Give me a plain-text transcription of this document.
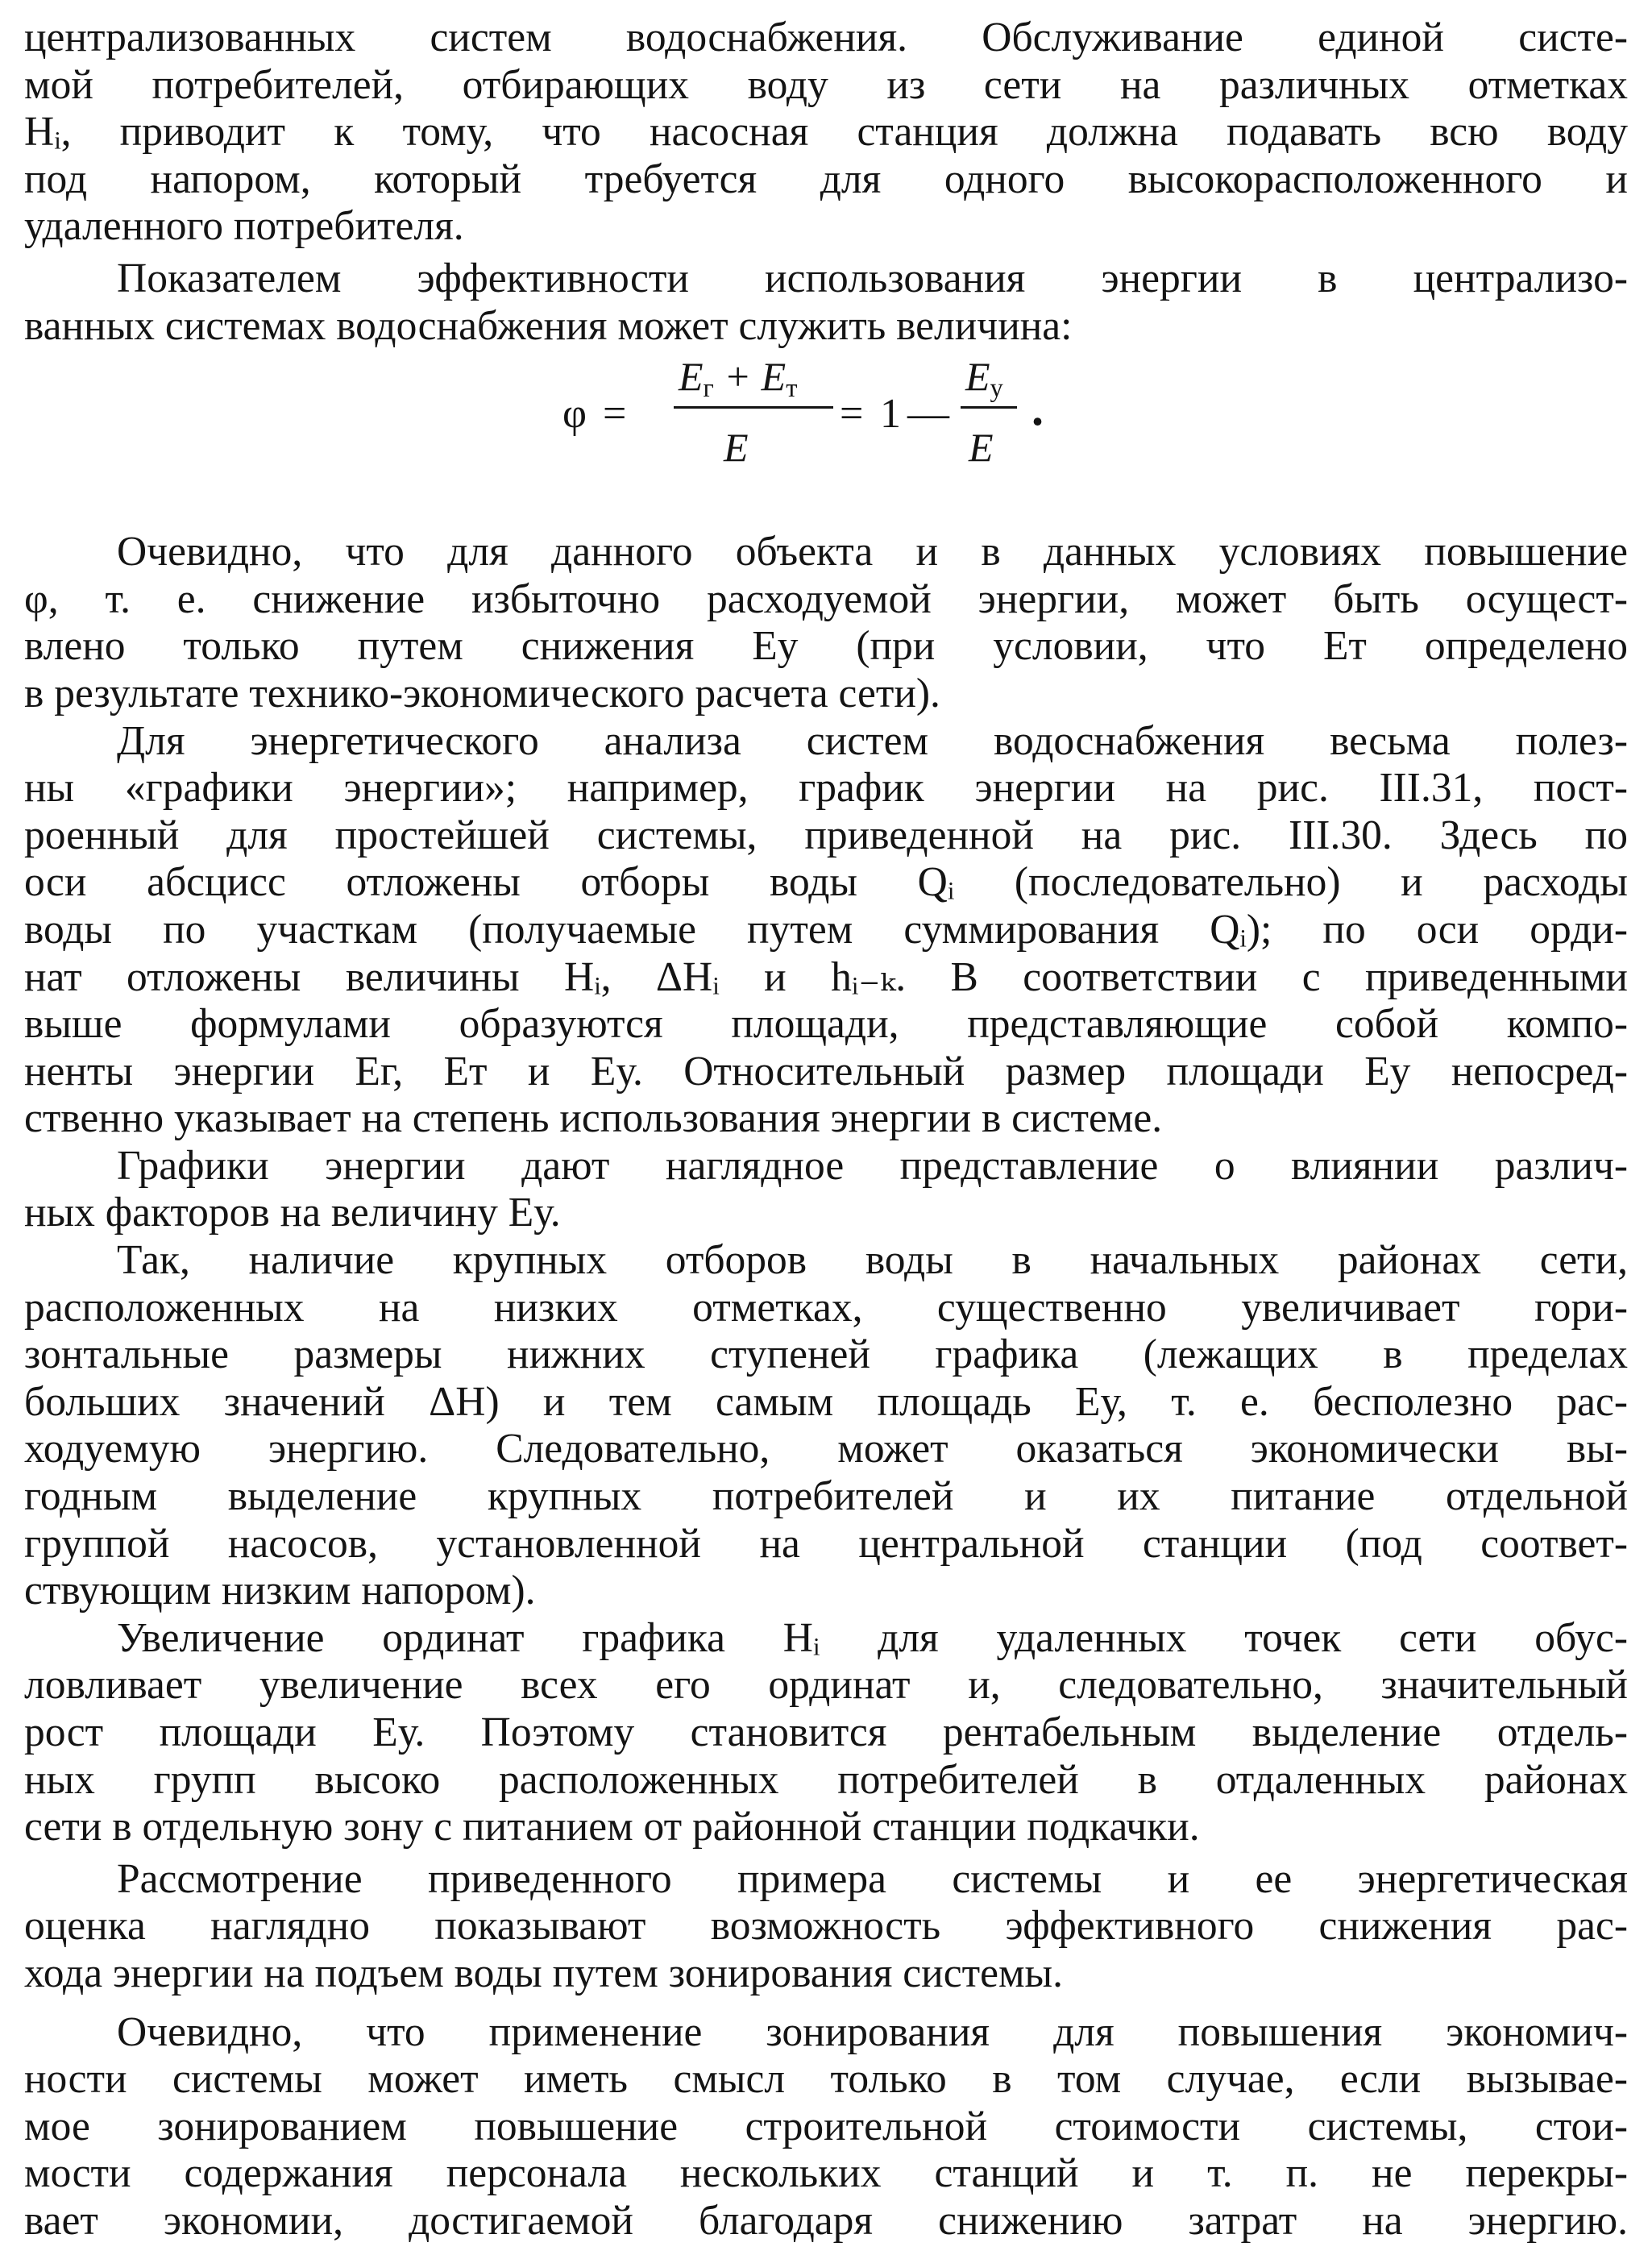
централизованных систем водоснабжения. Обслуживание единой систе-
мой потребителей, отбирающих воду из сети на различных отметках
Hᵢ, приводит к тому, что насосная станция должна подавать всю воду
под напором, который требуется для одного высокорасположенного и
удаленного потребителя.
Показателем эффективности использования энергии в централизо-
ванных системах водоснабжения может служить величина:
φ =
Eг + Eт
E
= 1 —
Eу
E
.
Очевидно, что для данного объекта и в данных условиях повышение
φ, т. е. снижение избыточно расходуемой энергии, может быть осущест-
влено только путем снижения Eу (при условии, что Eт определено
в результате технико-экономического расчета сети).
Для энергетического анализа систем водоснабжения весьма полез-
ны «графики энергии»; например, график энергии на рис. III.31, пост-
роенный для простейшей системы, приведенной на рис. III.30. Здесь по
оси абсцисс отложены отборы воды Qᵢ (последовательно) и расходы
воды по участкам (получаемые путем суммирования Qᵢ); по оси орди-
нат отложены величины Hᵢ, ΔHᵢ и hᵢ₋ₖ. В соответствии с приведенными
выше формулами образуются площади, представляющие собой компо-
ненты энергии Eг, Eт и Eу. Относительный размер площади Eу непосред-
ственно указывает на степень использования энергии в системе.
Графики энергии дают наглядное представление о влиянии различ-
ных факторов на величину Eу.
Так, наличие крупных отборов воды в начальных районах сети,
расположенных на низких отметках, существенно увеличивает гори-
зонтальные размеры нижних ступеней графика (лежащих в пределах
больших значений ΔH) и тем самым площадь Eу, т. е. бесполезно рас-
ходуемую энергию. Следовательно, может оказаться экономически вы-
годным выделение крупных потребителей и их питание отдельной
группой насосов, установленной на центральной станции (под соответ-
ствующим низким напором).
Увеличение ординат графика Hᵢ для удаленных точек сети обус-
ловливает увеличение всех его ординат и, следовательно, значительный
рост площади Eу. Поэтому становится рентабельным выделение отдель-
ных групп высоко расположенных потребителей в отдаленных районах
сети в отдельную зону с питанием от районной станции подкачки.
Рассмотрение приведенного примера системы и ее энергетическая
оценка наглядно показывают возможность эффективного снижения рас-
хода энергии на подъем воды путем зонирования системы.
Очевидно, что применение зонирования для повышения экономич-
ности системы может иметь смысл только в том случае, если вызывае-
мое зонированием повышение строительной стоимости системы, стои-
мости содержания персонала нескольких станций и т. п. не перекры-
вает экономии, достигаемой благодаря снижению затрат на энергию.
